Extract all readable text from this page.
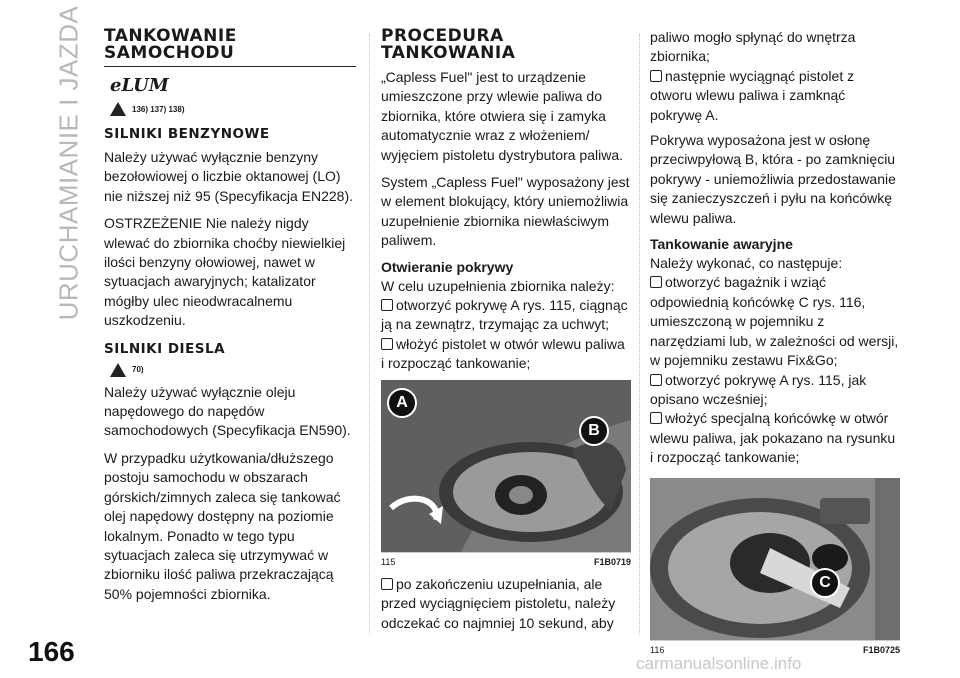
URUCHAMIANIE I JAZDA
166	carmanualsonline.info
TANKOWANIE SAMOCHODU
eLUM
136) 137) 138)
SILNIKI BENZYNOWE

Należy używać wyłącznie benzyny bezołowiowej o liczbie oktanowej (LO) nie niższej niż 95 (Specyfikacja EN228).

OSTRZEŻENIE Nie należy nigdy wlewać do zbiornika choćby niewielkiej ilości benzyny ołowiowej, nawet w sytuacjach awaryjnych; katalizator mógłby ulec nieodwracalnemu uszkodzeniu.

SILNIKI DIESLA
70)

Należy używać wyłącznie oleju napędowego do napędów samochodowych (Specyfikacja EN590).

W przypadku użytkowania/dłuższego postoju samochodu w obszarach górskich/zimnych zaleca się tankować olej napędowy dostępny na poziomie lokalnym. Ponadto w tego typu sytuacjach zaleca się utrzymywać w zbiorniku ilość paliwa przekraczającą 50% pojemności zbiornika.

PROCEDURA TANKOWANIA

„Capless Fuel" jest to urządzenie umieszczone przy wlewie paliwa do zbiornika, które otwiera się i zamyka automatycznie wraz z włożeniem/ wyjęciem pistoletu dystrybutora paliwa.

System „Capless Fuel" wyposażony jest w element blokujący, który uniemożliwia uzupełnienie zbiornika niewłaściwym paliwem.

Otwieranie pokrywy

W celu uzupełnienia zbiornika należy:

otworzyć pokrywę A rys. 115, ciągnąc ją na zewnątrz, trzymając za uchwyt;
włożyć pistolet w otwór wlewu paliwa i rozpocząć tankowanie;
A
B
115	F1B0719
po zakończeniu uzupełniania, ale przed wyciągnięciem pistoletu, należy odczekać co najmniej 10 sekund, aby

paliwo mogło spłynąć do wnętrza zbiornika;

następnie wyciągnąć pistolet z otworu wlewu paliwa i zamknąć pokrywę A.

Pokrywa wyposażona jest w osłonę przeciwpyłową B, która - po zamknięciu pokrywy - uniemożliwia przedostawanie się zanieczyszczeń i pyłu na końcówkę wlewu paliwa.

Tankowanie awaryjne

Należy wykonać, co następuje:

otworzyć bagażnik i wziąć odpowiednią końcówkę C rys. 116, umieszczoną w pojemniku z narzędziami lub, w zależności od wersji, w pojemniku zestawu Fix&Go;
otworzyć pokrywę A rys. 115, jak opisano wcześniej;
włożyć specjalną końcówkę w otwór wlewu paliwa, jak pokazano na rysunku i rozpocząć tankowanie;
C
116	F1B0725
